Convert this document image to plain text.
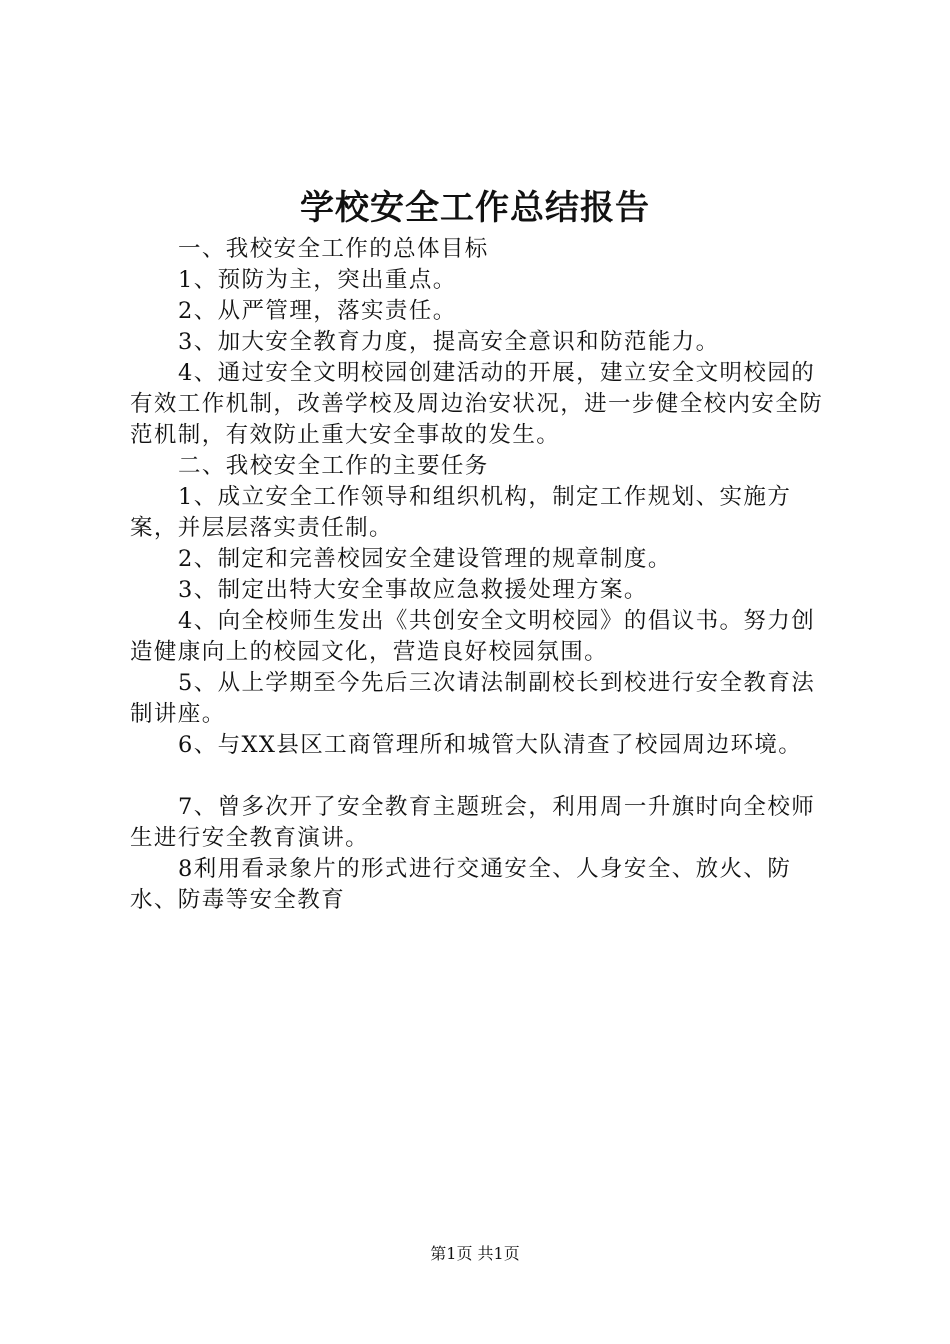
学校安全工作总结报告

一、我校安全工作的总体目标

1、预防为主，突出重点。

2、从严管理，落实责任。

3、加大安全教育力度，提高安全意识和防范能力。

4、通过安全文明校园创建活动的开展，建立安全文明校园的有效工作机制，改善学校及周边治安状况，进一步健全校内安全防范机制，有效防止重大安全事故的发生。

二、我校安全工作的主要任务

1、成立安全工作领导和组织机构，制定工作规划、实施方案，并层层落实责任制。

2、制定和完善校园安全建设管理的规章制度。

3、制定出特大安全事故应急救援处理方案。

4、向全校师生发出《共创安全文明校园》的倡议书。努力创造健康向上的校园文化，营造良好校园氛围。

5、从上学期至今先后三次请法制副校长到校进行安全教育法制讲座。

6、与XX县区工商管理所和城管大队清查了校园周边环境。

7、曾多次开了安全教育主题班会，利用周一升旗时向全校师生进行安全教育演讲。

8利用看录象片的形式进行交通安全、人身安全、放火、防水、防毒等安全教育

第1页 共1页
